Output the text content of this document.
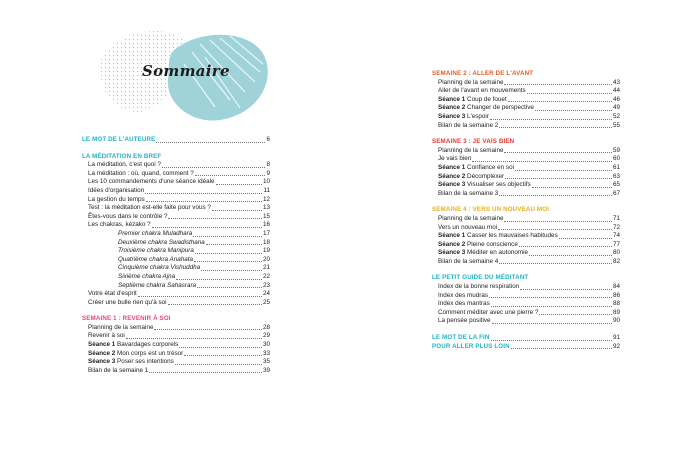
Sommaire
LE MOT DE L'AUTEURE	6
LA MÉDITATION EN BREF
La méditation, c'est quoi ?	8
La méditation : où, quand, comment ?	9
Les 10 commandements d'une séance idéale	10
Idées d'organisation	11
La gestion du temps	12
Test : la méditation est-elle faite pour vous ?	13
Êtes-vous dans le contrôle ?	15
Les chakras, kézako ?	16
Premier chakra Muladhara	17
Deuxième chakra Swadisthana	18
Troisième chakra Manipura	19
Quatrième chakra Anahata	20
Cinquième chakra Vishuddha	21
Sixième chakra Ajna	22
Septième chakra Sahasrara	23
Votre état d'esprit	24
Créer une bulle rien qu'à soi	25
SEMAINE 1 : REVENIR À SOI
Planning de la semaine	28
Revenir à soi	29
Séance 1 Bavardages corporels	30
Séance 2 Mon corps est un trésor	33
Séance 3 Poser ses intentions	35
Bilan de la semaine 1	39
SEMAINE 2 : ALLER DE L'AVANT
Planning de la semaine	43
Aller de l'avant en mouvements	44
Séance 1 Coup de fouet	46
Séance 2 Changer de perspective	49
Séance 3 L'espoir	52
Bilan de la semaine 2	55
SEMAINE 3 : JE VAIS BIEN
Planning de la semaine	59
Je vais bien	60
Séance 1 Confiance en soi	61
Séance 2 Décomplexer	63
Séance 3 Visualiser ses objectifs	65
Bilan de la semaine 3	67
SEMAINE 4 : VERS UN NOUVEAU MOI
Planning de la semaine	71
Vers un nouveau moi	72
Séance 1 Casser les mauvaises habitudes	74
Séance 2 Pleine conscience	77
Séance 3 Méditer en autonomie	80
Bilan de la semaine 4	82
LE PETIT GUIDE DU MÉDITANT
Index de la bonne respiration	84
Index des mudras	86
Index des mantras	88
Comment méditer avec une pierre ?	89
La pensée positive	90
LE MOT DE LA FIN	91
POUR ALLER PLUS LOIN	92
